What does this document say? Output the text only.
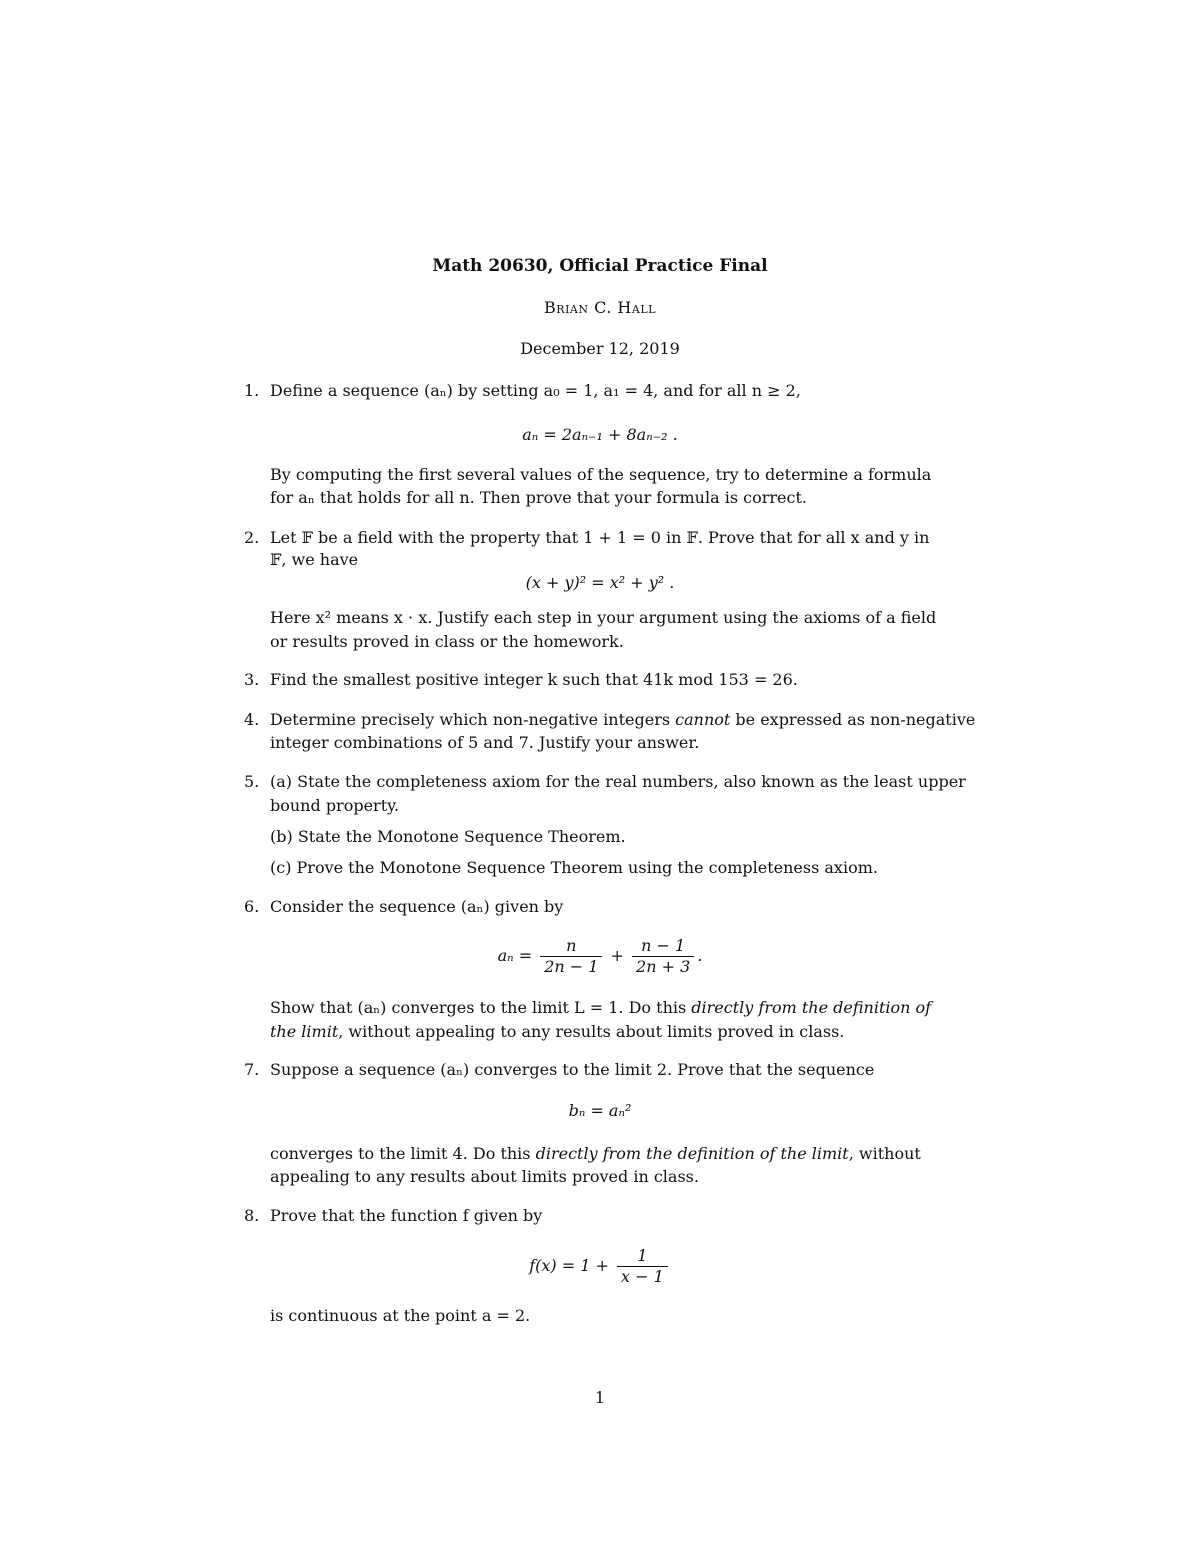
Math 20630, Official Practice Final
Brian C. Hall
December 12, 2019
1. Define a sequence (aₙ) by setting a₀ = 1, a₁ = 4, and for all n ≥ 2,
aₙ = 2aₙ₋₁ + 8aₙ₋₂ .
By computing the first several values of the sequence, try to determine a formula
for aₙ that holds for all n. Then prove that your formula is correct.
2. Let 𝔽 be a field with the property that 1 + 1 = 0 in 𝔽. Prove that for all x and y in
𝔽, we have
(x + y)² = x² + y² .
Here x² means x · x. Justify each step in your argument using the axioms of a field
or results proved in class or the homework.
3. Find the smallest positive integer k such that 41k mod 153 = 26.
4. Determine precisely which non-negative integers cannot be expressed as non-negative
integer combinations of 5 and 7. Justify your answer.
5. (a) State the completeness axiom for the real numbers, also known as the least upper
bound property.
(b) State the Monotone Sequence Theorem.
(c) Prove the Monotone Sequence Theorem using the completeness axiom.
6. Consider the sequence (aₙ) given by
$a_n = \frac{n}{2n - 1} + \frac{n - 1}{2n + 3}$ .
Show that (aₙ) converges to the limit L = 1. Do this directly from the definition of
the limit, without appealing to any results about limits proved in class.
7. Suppose a sequence (aₙ) converges to the limit 2. Prove that the sequence
bₙ = aₙ²
converges to the limit 4. Do this directly from the definition of the limit, without
appealing to any results about limits proved in class.
8. Prove that the function f given by
$f(x) = 1 + \frac{1}{x - 1}$
is continuous at the point a = 2.
1
